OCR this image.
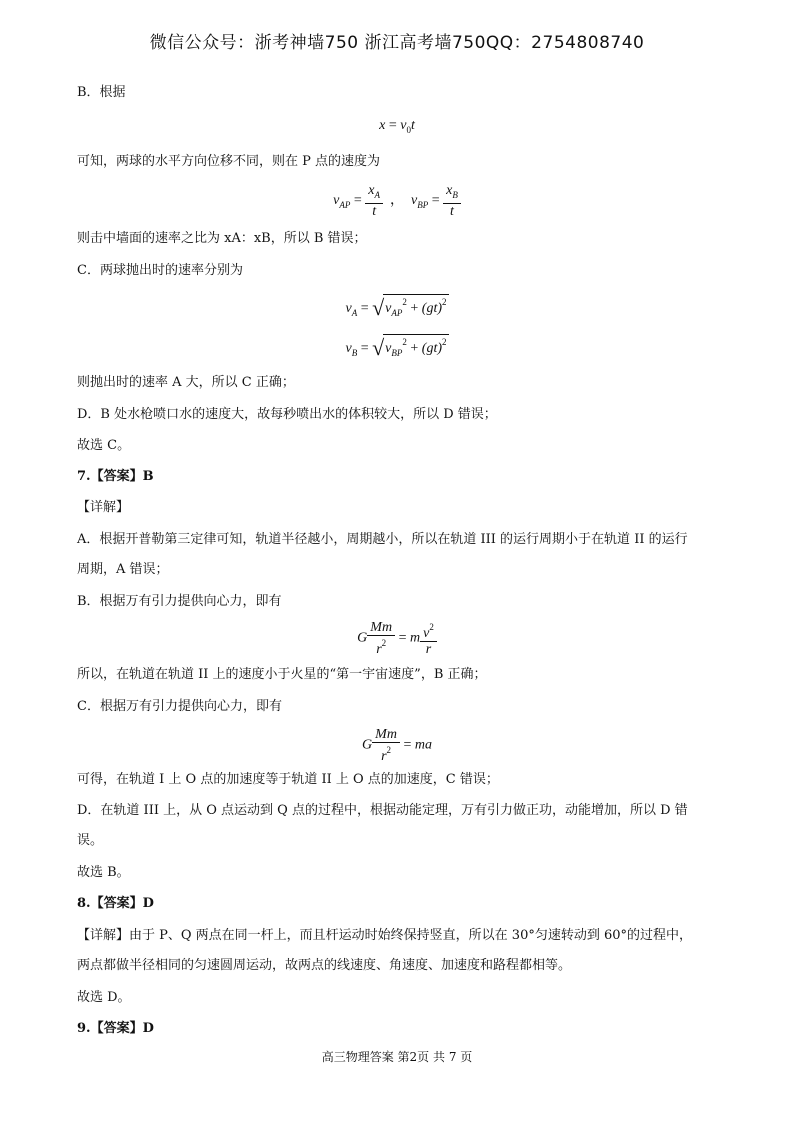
微信公众号：浙考神墙750 浙江高考墙750QQ：2754808740
B．根据
$x = v_0t$
可知，两球的水平方向位移不同，则在 P 点的速度为
$v_{AP} = \frac{x_A}{t}$ ， $v_{BP} = \frac{x_B}{t}$
则击中墙面的速率之比为 xA：xB，所以 B 错误；
C．两球抛出时的速率分别为
$v_A = √v_{AP}^2 + (gt)^2$
$v_B = √v_{BP}^2 + (gt)^2$
则抛出时的速率 A 大，所以 C 正确；
D．B 处水枪喷口水的速度大，故每秒喷出水的体积较大，所以 D 错误；
故选 C。
7.【答案】B
【详解】
A．根据开普勒第三定律可知，轨道半径越小，周期越小，所以在轨道 III 的运行周期小于在轨道 II 的运行
周期，A 错误；
B．根据万有引力提供向心力，即有
G $\frac{Mm}{r^2} = m \frac{v^2}{r}$
所以，在轨道在轨道 II 上的速度小于火星的“第一宇宙速度”，B 正确；
C．根据万有引力提供向心力，即有
G $\frac{Mm}{r^2}$ = ma
可得，在轨道 I 上 O 点的加速度等于轨道 II 上 O 点的加速度，C 错误；
D．在轨道 III 上，从 O 点运动到 Q 点的过程中，根据动能定理，万有引力做正功，动能增加，所以 D 错
误。
故选 B。
8.【答案】D
【详解】由于 P、Q 两点在同一杆上，而且杆运动时始终保持竖直，所以在 30°匀速转动到 60°的过程中，
两点都做半径相同的匀速圆周运动，故两点的线速度、角速度、加速度和路程都相等。
故选 D。
9.【答案】D
高三物理答案 第2页 共 7 页
